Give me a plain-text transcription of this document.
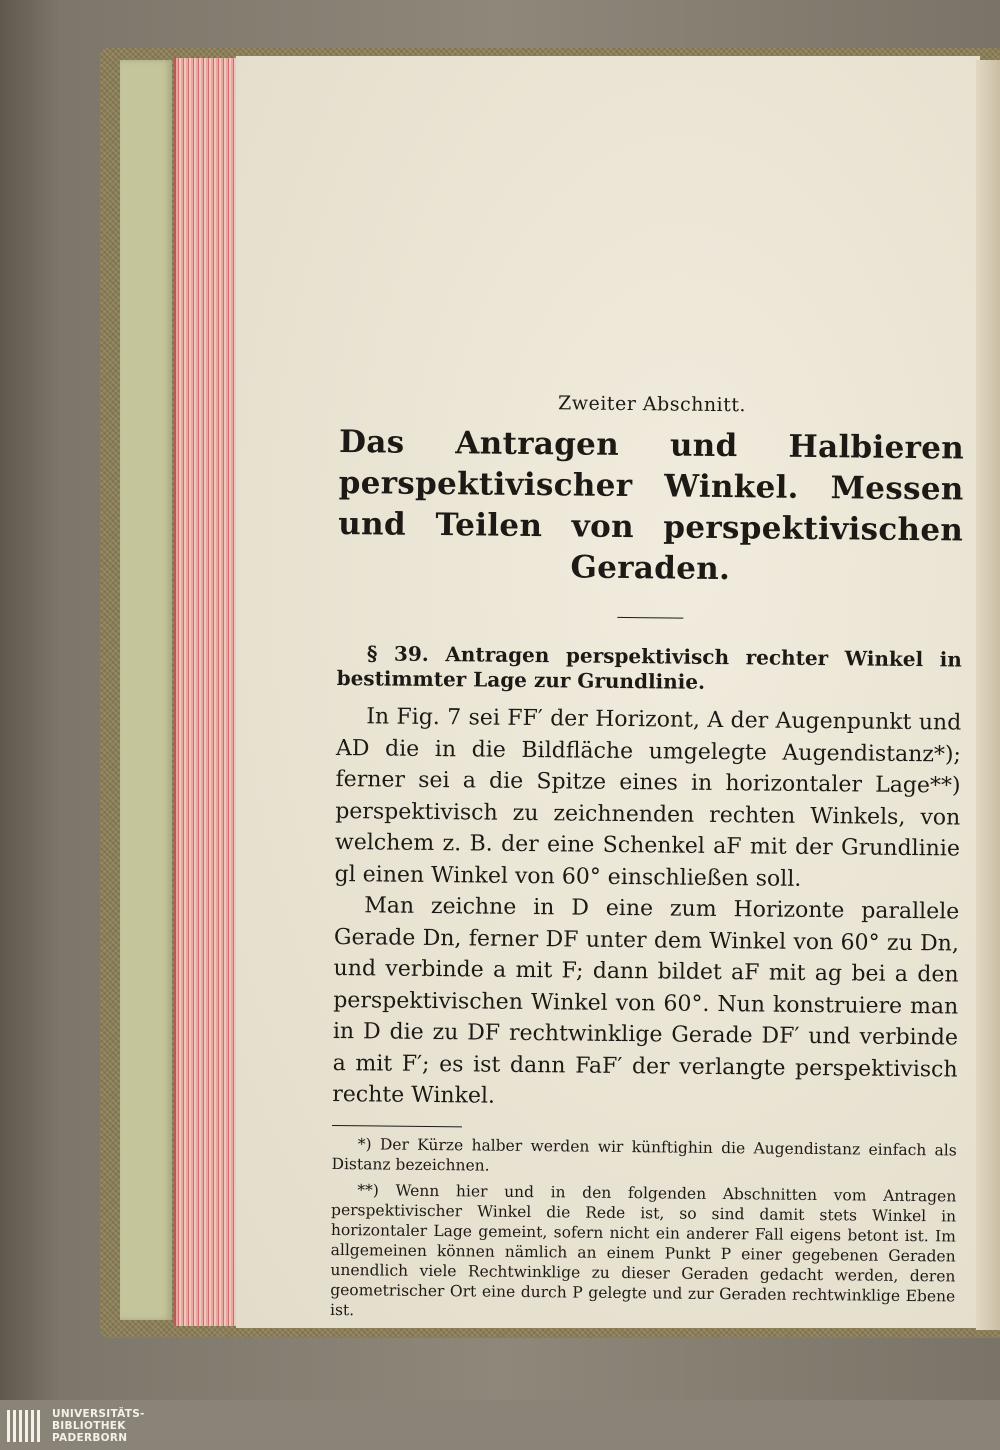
Zweiter Abschnitt.
Das Antragen und Halbieren perspektivischer Winkel. Messen und Teilen von perspektivischen Geraden.

§ 39. Antragen perspektivisch rechter Winkel in bestimmter Lage zur Grundlinie.

In Fig. 7 sei FF′ der Horizont, A der Augenpunkt und AD die in die Bildfläche umgelegte Augendistanz*); ferner sei a die Spitze eines in horizontaler Lage**) perspektivisch zu zeichnenden rechten Winkels, von welchem z. B. der eine Schenkel aF mit der Grundlinie gl einen Winkel von 60° einschließen soll.

Man zeichne in D eine zum Horizonte parallele Gerade Dn, ferner DF unter dem Winkel von 60° zu Dn, und verbinde a mit F; dann bildet aF mit ag bei a den perspektivischen Winkel von 60°. Nun konstruiere man in D die zu DF rechtwinklige Gerade DF′ und verbinde a mit F′; es ist dann FaF′ der verlangte perspektivisch rechte Winkel.

*) Der Kürze halber werden wir künftighin die Augendistanz einfach als Distanz bezeichnen.

**) Wenn hier und in den folgenden Abschnitten vom Antragen perspektivischer Winkel die Rede ist, so sind damit stets Winkel in horizontaler Lage gemeint, sofern nicht ein anderer Fall eigens betont ist. Im allgemeinen können nämlich an einem Punkt P einer gegebenen Geraden unendlich viele Rechtwinklige zu dieser Geraden gedacht werden, deren geometrischer Ort eine durch P gelegte und zur Geraden rechtwinklige Ebene ist.

UNIVERSITÄTS-
BIBLIOTHEK
PADERBORN
